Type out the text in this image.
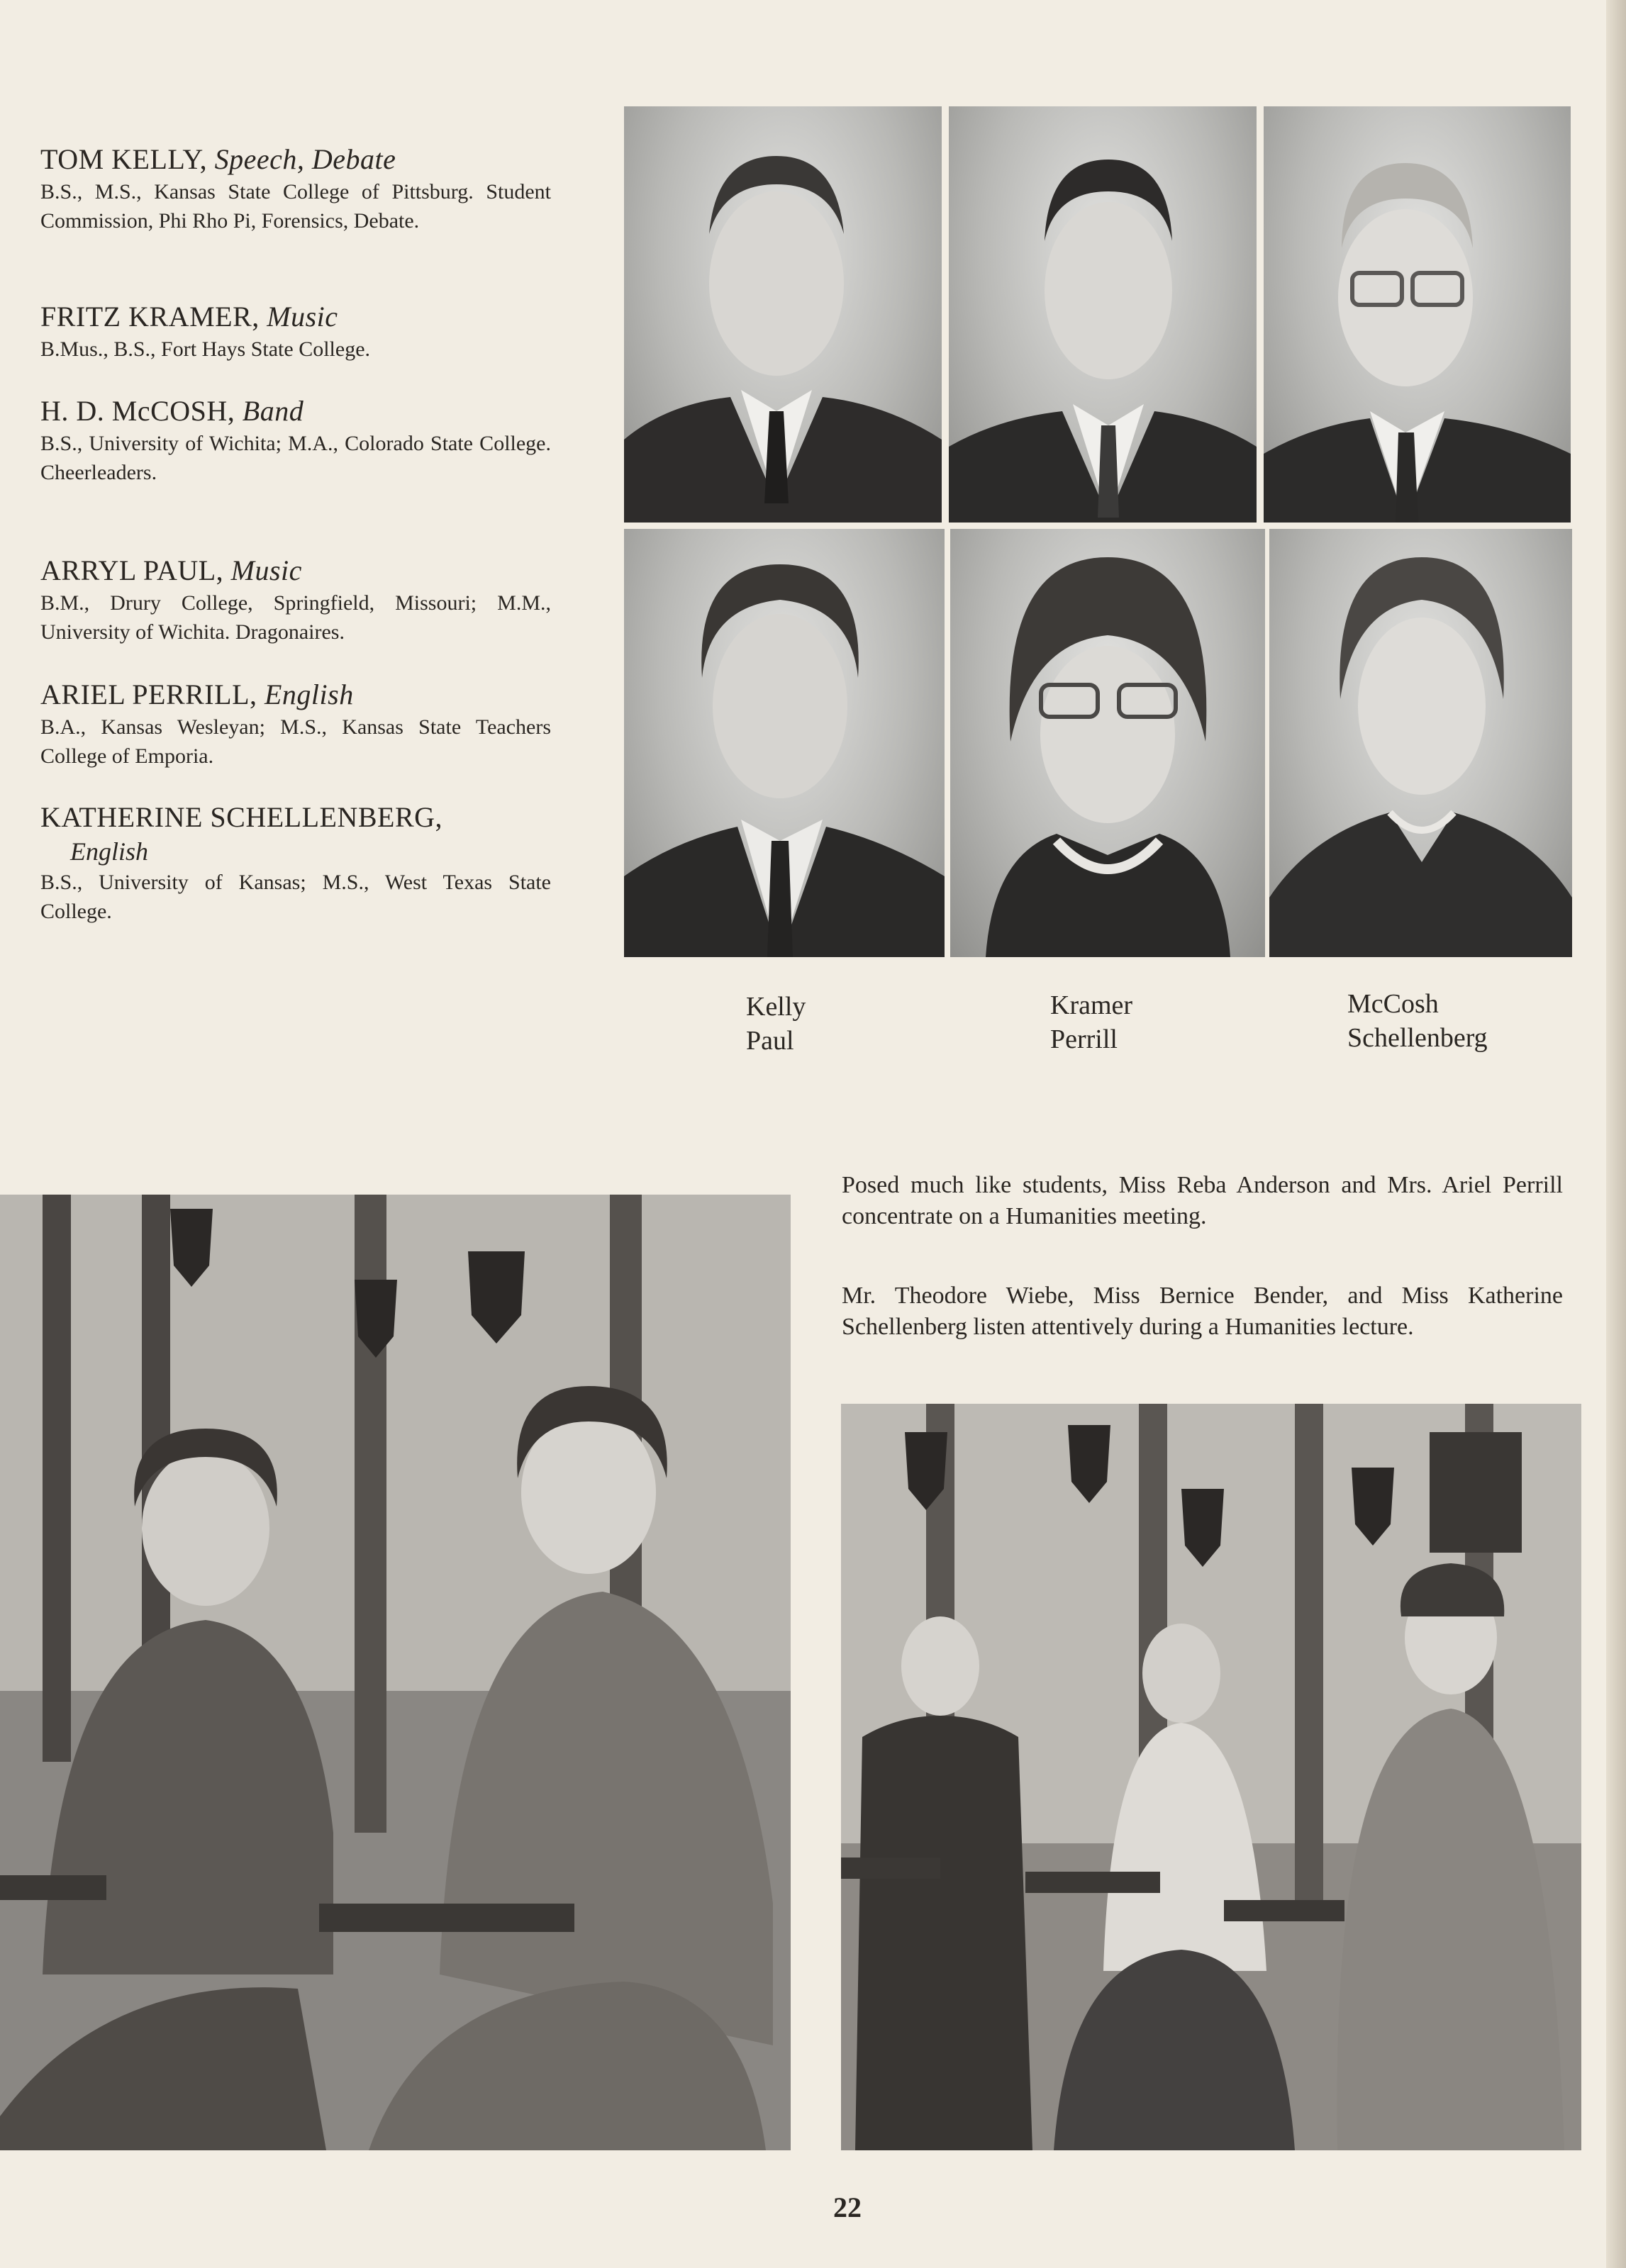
TOM KELLY, Speech, Debate
B.S., M.S., Kansas State College of Pittsburg. Student Commission, Phi Rho Pi, Forensics, Debate.
FRITZ KRAMER, Music
B.Mus., B.S., Fort Hays State College.
H. D. McCOSH, Band
B.S., University of Wichita; M.A., Colorado State College. Cheerleaders.
ARRYL PAUL, Music
B.M., Drury College, Springfield, Missouri; M.M., University of Wichita. Dragonaires.
ARIEL PERRILL, English
B.A., Kansas Wesleyan; M.S., Kansas State Teachers College of Emporia.
KATHERINE SCHELLENBERG,
English
B.S., University of Kansas; M.S., West Texas State College.
Kelly
Paul
Kramer
Perrill
McCosh
Schellenberg
Posed much like students, Miss Reba Anderson and Mrs. Ariel Perrill concentrate on a Humanities meeting.
Mr. Theodore Wiebe, Miss Bernice Bender, and Miss Katherine Schellenberg listen attentively during a Humanities lecture.
22
